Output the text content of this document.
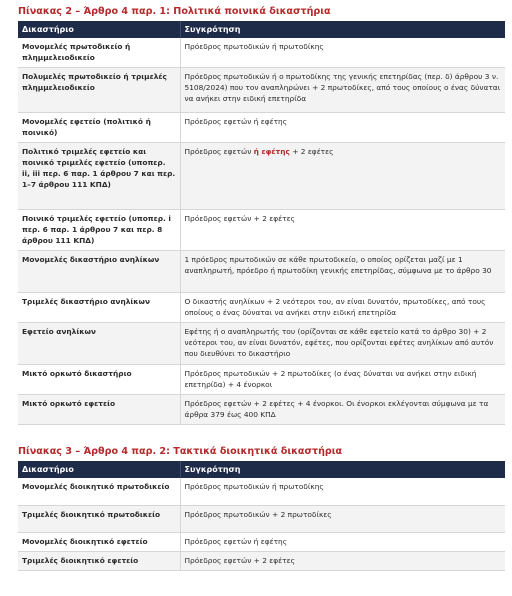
Πίνακας 2 – Άρθρο 4 παρ. 1: Πολιτικά ποινικά δικαστήρια
Δικαστήριο	Συγκρότηση
Μονομελές πρωτοδικείο ή πλημμελειοδικείο	Πρόεδρος πρωτοδικών ή πρωτοδίκης
Πολυμελές πρωτοδικείο ή τριμελές πλημμελειοδικείο	Πρόεδρος πρωτοδικών ή ο πρωτοδίκης της γενικής επετηρίδας (περ. δ) άρθρου 3 ν. 5108/2024) που τον αναπληρώνει + 2 πρωτοδίκες, από τους οποίους ο ένας δύναται να ανήκει στην ειδική επετηρίδα
Μονομελές εφετείο (πολιτικό ή ποινικό)	Πρόεδρος εφετών ή εφέτης
Πολιτικό τριμελές εφετείο και ποινικό τριμελές εφετείο (υποπερ. ii, iii περ. 6 παρ. 1 άρθρου 7 και περ. 1–7 άρθρου 111 ΚΠΔ)	Πρόεδρος εφετών ή εφέτης + 2 εφέτες
Ποινικό τριμελές εφετείο (υποπερ. i περ. 6 παρ. 1 άρθρου 7 και περ. 8 άρθρου 111 ΚΠΔ)	Πρόεδρος εφετών + 2 εφέτες
Μονομελές δικαστήριο ανηλίκων	1 πρόεδρος πρωτοδικών σε κάθε πρωτοδικείο, ο οποίος ορίζεται μαζί με 1 αναπληρωτή, πρόεδρο ή πρωτοδίκη γενικής επετηρίδας, σύμφωνα με το άρθρο 30
Τριμελές δικαστήριο ανηλίκων	Ο δικαστής ανηλίκων + 2 νεότεροι του, αν είναι δυνατόν, πρωτοδίκες, από τους οποίους ο ένας δύναται να ανήκει στην ειδική επετηρίδα
Εφετείο ανηλίκων	Εφέτης ή ο αναπληρωτής του (ορίζονται σε κάθε εφετείο κατά το άρθρο 30) + 2 νεότεροι του, αν είναι δυνατόν, εφέτες, που ορίζονται εφέτες ανηλίκων από αυτόν που διευθύνει το δικαστήριο
Μικτό ορκωτό δικαστήριο	Πρόεδρος πρωτοδικών + 2 πρωτοδίκες (ο ένας δύναται να ανήκει στην ειδική επετηρίδα) + 4 ένορκοι
Μικτό ορκωτό εφετείο	Πρόεδρος εφετών + 2 εφέτες + 4 ένορκοι. Οι ένορκοι εκλέγονται σύμφωνα με τα άρθρα 379 έως 400 ΚΠΔ
Πίνακας 3 – Άρθρο 4 παρ. 2: Τακτικά διοικητικά δικαστήρια
Δικαστήριο	Συγκρότηση
Μονομελές διοικητικό πρωτοδικείο	Πρόεδρος πρωτοδικών ή πρωτοδίκης
Τριμελές διοικητικό πρωτοδικείο	Πρόεδρος πρωτοδικών + 2 πρωτοδίκες
Μονομελές διοικητικό εφετείο	Πρόεδρος εφετών ή εφέτης
Τριμελές διοικητικό εφετείο	Πρόεδρος εφετών + 2 εφέτες
